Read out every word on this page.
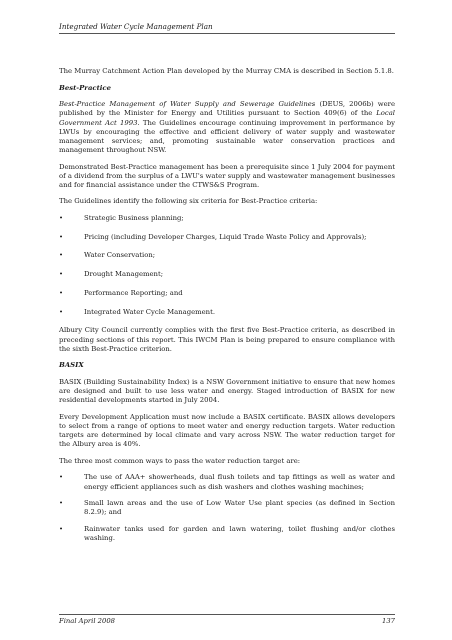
Integrated Water Cycle Management Plan

The Murray Catchment Action Plan developed by the Murray CMA is described in Section 5.1.8.

Best-Practice

Best-Practice Management of Water Supply and Sewerage Guidelines (DEUS, 2006b) were published by the Minister for Energy and Utilities pursuant to Section 409(6) of the Local Government Act 1993. The Guidelines encourage continuing improvement in performance by LWUs by encouraging the effective and efficient delivery of water supply and wastewater management services; and, promoting sustainable water conservation practices and management throughout NSW.

Demonstrated Best-Practice management has been a prerequisite since 1 July 2004 for payment of a dividend from the surplus of a LWU's water supply and wastewater management businesses and for financial assistance under the CTWS&S Program.

The Guidelines identify the following six criteria for Best-Practice criteria:

•	Strategic Business planning;
•	Pricing (including Developer Charges, Liquid Trade Waste Policy and Approvals);
•	Water Conservation;
•	Drought Management;
•	Performance Reporting; and
•	Integrated Water Cycle Management.

Albury City Council currently complies with the first five Best-Practice criteria, as described in preceding sections of this report. This IWCM Plan is being prepared to ensure compliance with the sixth Best-Practice criterion.

BASIX

BASIX (Building Sustainability Index) is a NSW Government initiative to ensure that new homes are designed and built to use less water and energy. Staged introduction of BASIX for new residential developments started in July 2004.

Every Development Application must now include a BASIX certificate. BASIX allows developers to select from a range of options to meet water and energy reduction targets. Water reduction targets are determined by local climate and vary across NSW. The water reduction target for the Albury area is 40%.

The three most common ways to pass the water reduction target are:

•	The use of AAA+ showerheads, dual flush toilets and tap fittings as well as water and energy efficient appliances such as dish washers and clothes washing machines;
•	Small lawn areas and the use of Low Water Use plant species (as defined in Section 8.2.9); and
•	Rainwater tanks used for garden and lawn watering, toilet flushing and/or clothes washing.
Final April 2008	137
